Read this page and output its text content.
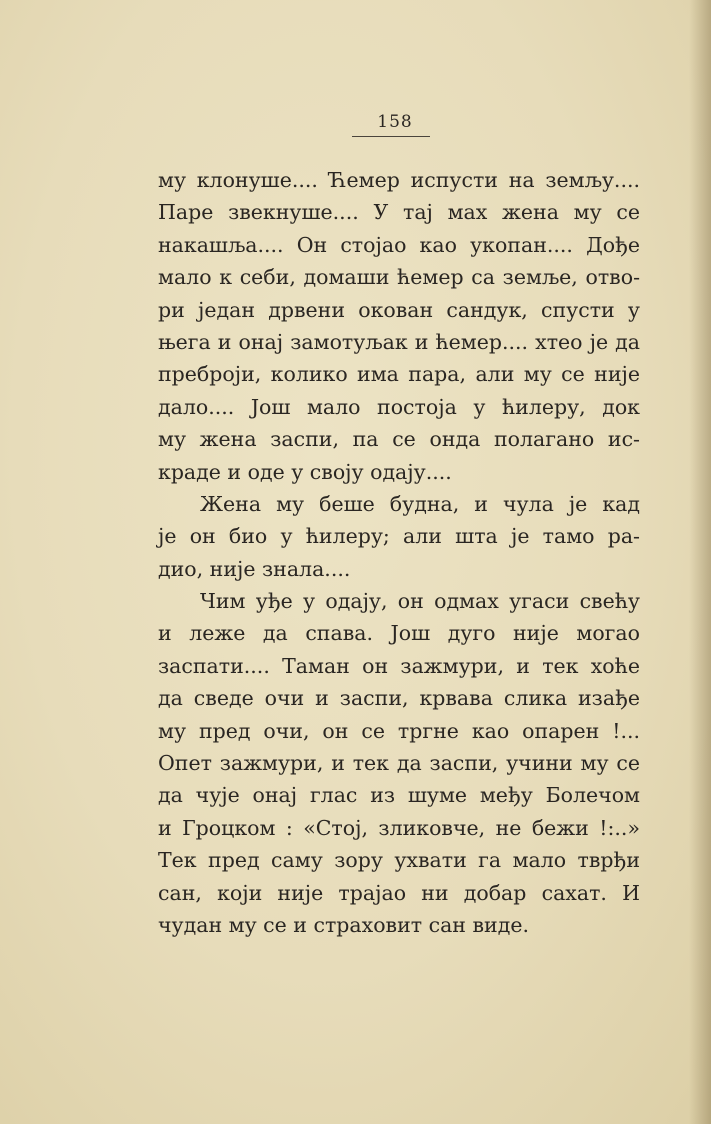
158
му клонуше.... Ћемер испусти на земљу....
Паре звекнуше.... У тај мах жена му се
накашља.... Он стојао као укопан.... Дође
мало к себи, домаши ћемер са земље, отво-
ри један дрвени окован сандук, спусти у
њега и онај замотуљак и ћемер.... хтео је да
преброји, колико има пара, али му се није
дало.... Још мало постоја у ћилеру, док
му жена заспи, па се онда полагано ис-
краде и оде у своју одају....
Жена му беше будна, и чула је кад
је он био у ћилеру; али шта је тамо ра-
дио, није знала....
Чим уђе у одају, он одмах угаси свећу
и леже да спава. Још дуго није могао
заспати.... Таман он зажмури, и тек хоће
да сведе очи и заспи, крвава слика изађе
му пред очи, он се тргне као опарен !...
Опет зажмури, и тек да заспи, учини му се
да чује онај глас из шуме међу Болечом
и Гроцком : «Стој, зликовче, не бежи !:..»
Тек пред саму зору ухвати га мало тврђи
сан, који није трајао ни добар сахат. И
чудан му се и страховит сан виде.
